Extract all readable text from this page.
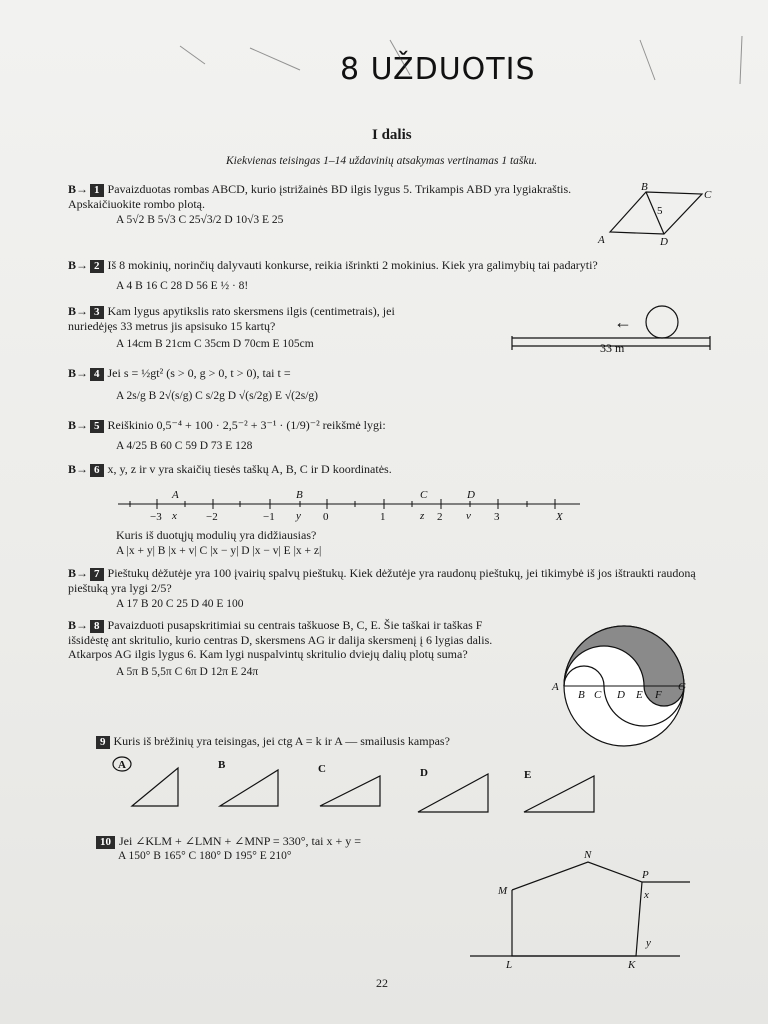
8 UŽDUOTIS
I dalis
Kiekvienas teisingas 1–14 uždavinių atsakymas vertinamas 1 tašku.
B→ 1 Pavaizduotas rombas ABCD, kurio įstrižainės BD ilgis lygus 5. Trikampis ABD yra lygiakraštis. Apskaičiuokite rombo plotą.
A 5√2 B 5√3 C 25√3/2 D 10√3 E 25
B→ 2 Iš 8 mokinių, norinčių dalyvauti konkurse, reikia išrinkti 2 mokinius. Kiek yra galimybių tai padaryti?
A 4 B 16 C 28 D 56 E ½ · 8!
B→ 3 Kam lygus apytikslis rato skersmens ilgis (centimetrais), jei nuriedėjęs 33 metrus jis apsisuko 15 kartų?
A 14cm B 21cm C 35cm D 70cm E 105cm
B→ 4 Jei s = ½gt² (s > 0, g > 0, t > 0), tai t =
A 2s/g B 2√(s/g) C s/2g D √(s/2g) E √(2s/g)
B→ 5 Reiškinio 0,5⁻⁴ + 100 · 2,5⁻² + 3⁻¹ · (1/9)⁻² reikšmė lygi:
A 4/25 B 60 C 59 D 73 E 128
B→ 6 x, y, z ir v yra skaičių tiesės taškų A, B, C ir D koordinatės.
Kuris iš duotųjų modulių yra didžiausias?
A |x + y| B |x + v| C |x − y| D |x − v| E |x + z|
B→ 7 Pieštukų dėžutėje yra 100 įvairių spalvų pieštukų. Kiek dėžutėje yra raudonų pieštukų, jei tikimybė iš jos ištraukti raudoną pieštuką yra lygi 2/5?
A 17 B 20 C 25 D 40 E 100
B→ 8 Pavaizduoti pusapskritimiai su centrais taškuose B, C, E. Šie taškai ir taškas F išsidėstę ant skritulio, kurio centras D, skersmens AG ir dalija skersmenį į 6 lygias dalis. Atkarpos AG ilgis lygus 6. Kam lygi nuspalvintų skritulio dviejų dalių plotų suma?
A 5π B 5,5π C 6π D 12π E 24π
9 Kuris iš brėžinių yra teisingas, jei ctg A = k ir A — smailusis kampas?
10 Jei ∠KLM + ∠LMN + ∠MNP = 330°, tai x + y =
A 150° B 165° C 180° D 195° E 210°
22
B
C
A	D
5
←
33 m
A	B	C	D
−3 x	−2	−1 y 0	1	z 2 v 3	X
A
B C D E F
G
A	B	C	D	E
M
N
P
L	K
x
y
